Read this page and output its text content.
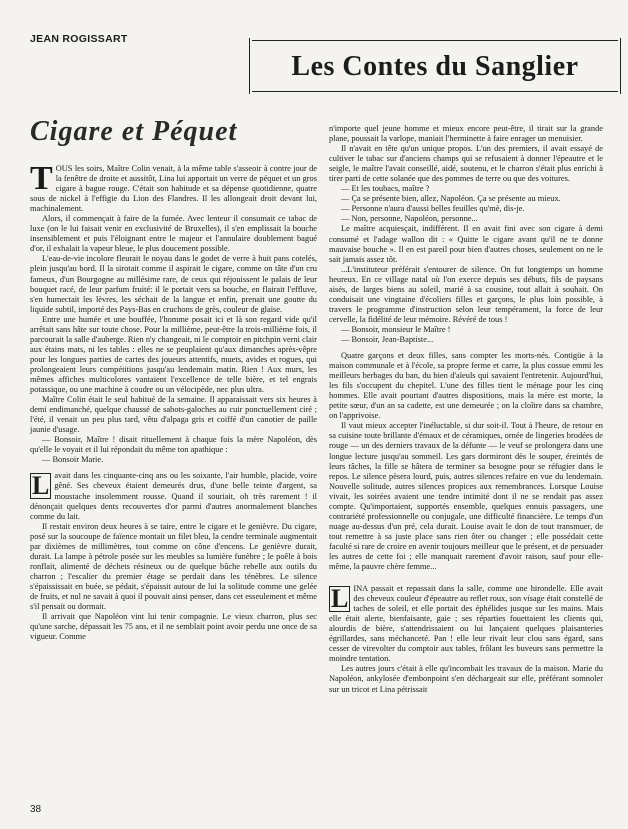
JEAN ROGISSART
Les Contes du Sanglier
Cigare et Péquet

TOUS les soirs, Maître Colin venait, à la même table s'asseoir à contre jour de la fenêtre de droite et aussitôt, Lina lui apportait un verre de péquet et un gros cigare à bague rouge. C'était son habitude et sa dépense quotidienne, quatre sous de nickel à l'effigie du Lion des Flandres. Il les allongeait droit devant lui, machinalement.

Alors, il commençait à faire de la fumée. Avec lenteur il consumait ce tabac de luxe (on le lui faisait venir en exclusivité de Bruxelles), il s'en emplissait la bouche insensiblement et puis l'éloignant entre le majeur et l'annulaire doublement bagué d'or, il exhalait la vapeur bleue, le plus doucement possible.

L'eau-de-vie incolore fleurait le noyau dans le godet de verre à huit pans cotelés, plein jusqu'au bord. Il la sirotait comme il aspirait le cigare, comme on tâte d'un cru fameux, d'un Bourgogne au millésime rare, de ceux qui réjouissent le palais de leur bouquet racé, de leur parfum fruité: il le portait vers sa bouche, en flairait l'effluve, s'en humectait les lèvres, les séchait de la langue et enfin, prenait une goutte du liquide subtil, importé des Pays-Bas en cruchons de grès, couleur de glaise.

Entre une humée et une bouffée, l'homme posait ici et là son regard vide qu'il arrêtait sans hâte sur toute chose. Pour la millième, peut-être la trois-millième fois, il parcourait la salle d'auberge. Rien n'y changeait, ni le comptoir en pitchpin verni clair aux étains mats, ni les tables : elles ne se peuplaient qu'aux dimanches après-vêpre pour les longues parties de cartes des joueurs attentifs, muets, avides et rogues, qui prolongeaient leurs compétitions jusqu'au lendemain matin. Rien ! Aux murs, les mêmes affiches multicolores vantaient l'excellence de telle bière, et tel engrais potassique, ou une machine à coudre ou un vélocipède, nec plus ultra.

Maître Colin était le seul habitué de la semaine. Il apparaissait vers six heures à demi endimanché, quelque chaussé de sabots-galoches au cuir ponctuellement ciré ; l'été, il venait un peu plus tard, vêtu d'alpaga gris et coiffé d'un canotier de paille jaunie d'usage.

— Bonsoir, Maître ! disait rituellement à chaque fois la mère Napoléon, dès qu'elle le voyait et il lui répondait du même ton apathique :

— Bonsoir Marie.

L avait dans les cinquante-cinq ans ou les soixante, l'air humble, placide, voire gêné. Ses cheveux étaient demeurés drus, d'une belle teinte d'argent, sa moustache insolemment rousse. Quand il souriait, oh très rarement ! il dénonçait quelques dents recouvertes d'or parmi d'autres anormalement blanches comme du lait.

Il restait environ deux heures à se taire, entre le cigare et le genièvre. Du cigare, posé sur la soucoupe de faïence montait un filet bleu, la cendre terminale augmentait par dixièmes de millimètres, tout comme on cône d'encens. Le genièvre durait, durait. La lampe à pétrole posée sur les meubles sa lumière funèbre ; le poêle à bois ronflait, alimenté de déchets résineux ou de quelque bûche rebelle aux outils du charron ; l'escalier du premier étage se perdait dans les ténèbres. Le silence s'épaississait en buée, se pédait, s'épaissit autour de lui la solitude comme une gelée de fruits, et nul ne savait à quoi il pouvait ainsi penser, dans cet esseulement et même s'il pensait ou dormait.

Il arrivait que Napoléon vint lui tenir compagnie. Le vieux charron, plus sec qu'une sarche, dépassait les 75 ans, et il ne semblait point avoir perdu une once de sa vigueur. Comme

n'importe quel jeune homme et mieux encore peut-être, il tirait sur la grande plane, poussait la varlope, maniait l'herminette à faire enrager un menuisier.

Il n'avait en tête qu'un unique propos. L'un des premiers, il avait essayé de cultiver le tabac sur d'anciens champs qui se refusaient à donner l'épeautre et le seigle, le maître l'avait conseillé, aidé, soutenu, et le charron s'était plus enrichi à tirer parti de cette solanée que des pommes de terre ou que des voitures.

— Et les toubacs, maître ?

— Ça se présente bien, allez, Napoléon. Ça se présente au mieux.

— Personne n'aura d'aussi belles feuilles qu'mè, dis-je.

— Non, personne, Napoléon, personne...

Le maître acquiesçait, indifférent. Il en avait fini avec son cigare à demi consumé et l'adage wallon dit : « Quitte le cigare avant qu'il ne te donne mauvaise bouche ». Il en est pareil pour bien d'autres choses, seulement on ne le sait jamais assez tôt.

...L'instituteur préférait s'entourer de silence. On fut longtemps un homme heureux. En ce village natal où l'on exerce depuis ses débuts, fils de paysans aisés, de larges biens au soleil, marié à sa cousine, tout allait à souhait. On conduisait une vingtaine d'écoliers filles et garçons, le plus loin possible, à travers le programme d'instruction selon leur tempérament, la force de leur cervelle, la fidélité de leur mémoire. Révéré de tous !

— Bonsoir, monsieur le Maître !

— Bonsoir, Jean-Baptiste...

Quatre garçons et deux filles, sans compter les morts-nés. Contigüe à la maison communale et à l'école, sa propre ferme et carre, la plus cossue emmi les meilleurs herbages du ban, du bien d'aïeuls qui savaient l'entretenir. Aujourd'hui, les fils s'occupent du chepitel. L'une des filles tient le ménage pour les cinq hommes. Elle avait pourtant d'autres dispositions, mais la mère est morte, la petite sœur, d'un an sa cadette, est une demeurée ; on la cloître dans sa chambre, on l'apprivoise.

Il vaut mieux accepter l'inéluctable, si dur soit-il. Tout à l'heure, de retour en sa cuisine toute brillante d'émaux et de céramiques, ornée de lingeries brodées de rouge — un des derniers travaux de la défunte — le veuf se prolongera dans une longue lecture jusqu'au sommeil. Les gars dormiront dès le souper, éreintés de leurs tâches, la fille se hâtera de terminer sa besogne pour se réfugier dans le repos. Le silence pèsera lourd, puis, autres silences refaire en vue du lendemain. Nouvelle solitude, autres silences propices aux remembrances. Lorsque Louise vivait, les soirées avaient une tendre intimité dont il ne se rendait pas assez compte. Qu'importaient, supportés ensemble, quelques ennuis passagers, une contrariété professionnelle ou conjugale, une difficulté financière. Le temps d'un nuage au-dessus d'un pré, cela durait. Louise avait le don de tout transmuer, de tout remettre à sa juste place sans rien ôter ou changer ; elle possédait cette faculté si rare de croire en avenir toujours meilleur que le présent, et de persuader les autres de cette foi ; elle manquait rarement d'avoir raison, sauf pour elle-même, la pauvre chère femme...

L INA passait et repassait dans la salle, comme une hirondelle. Elle avait des cheveux couleur d'épeautre au reflet roux, son visage était constellé de taches de soleil, et elle portait des éphélides jusque sur les mains. Mais elle était alerte, bienfaisante, gaie ; ses réparties fouettaient les clients qui, alourdis de bière, s'attendrissaient ou lui lançaient quelques plaisanteries égrillardes, sans méchanceté. Pan ! elle leur rivait leur clou sans égard, sans cesser de virevolter du comptoir aux tables, frôlant les buveurs sans permettre la moindre tentation.

Les autres jours c'était à elle qu'incombait les travaux de la maison. Marie du Napoléon, ankylosée d'embonpoint s'en déchargeait sur elle, préférant somnoler sur un tricot et Lina pétrissait

38
